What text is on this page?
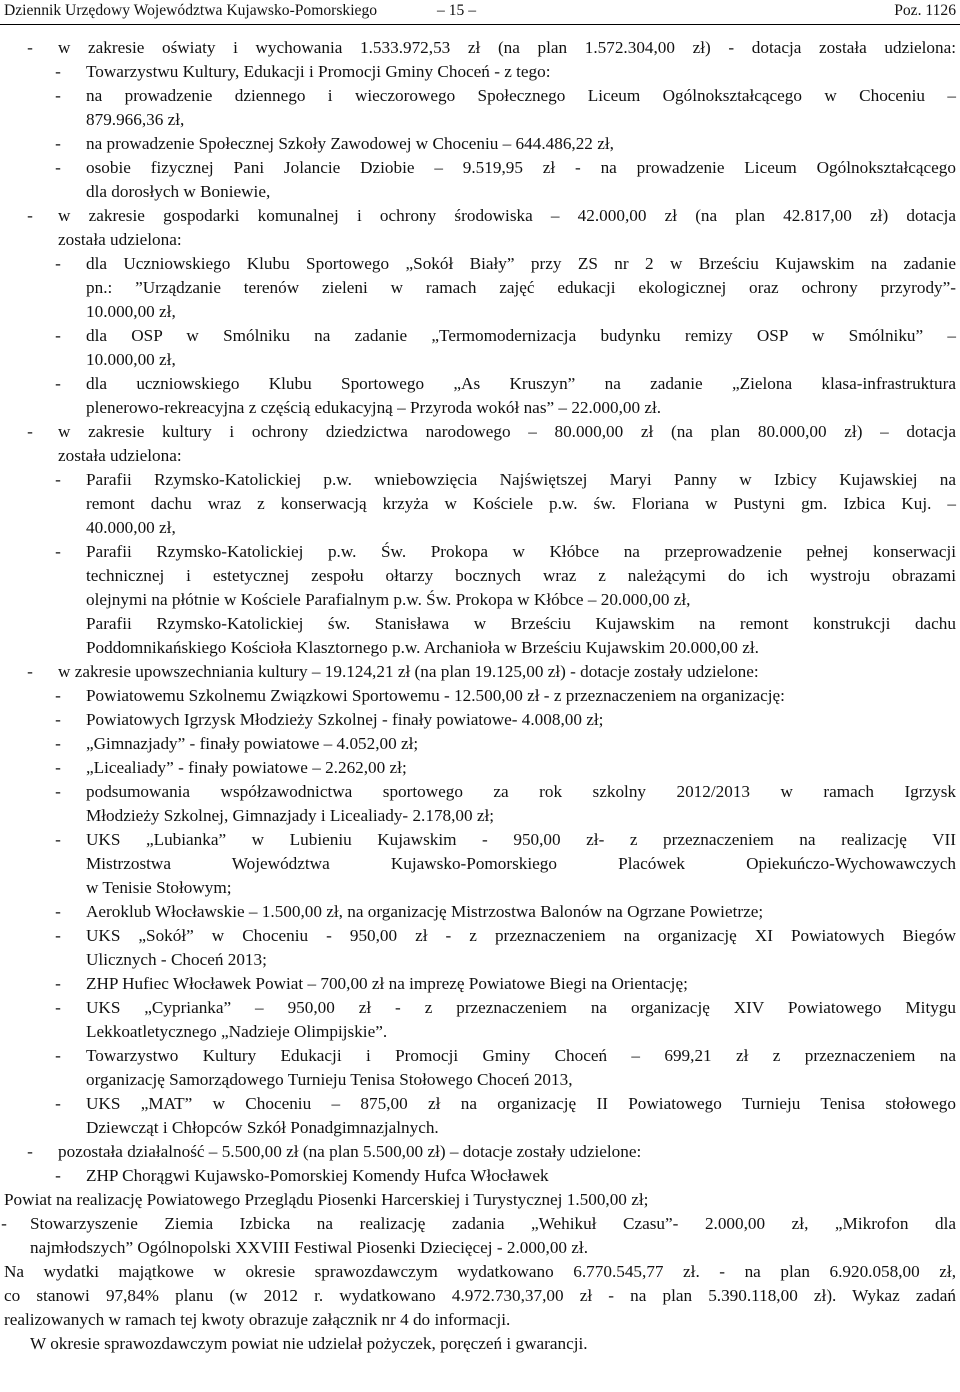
Dziennik Urzędowy Województwa Kujawsko-Pomorskiego	– 15 –	Poz. 1126
-	w zakresie oświaty i wychowania 1.533.972,53 zł (na plan 1.572.304,00 zł) - dotacja została udzielona:
-	Towarzystwu Kultury, Edukacji i Promocji Gminy Choceń - z tego:
-	na prowadzenie dziennego i wieczorowego Społecznego Liceum Ogólnokształcącego w Choceniu –
879.966,36 zł,
-	na prowadzenie Społecznej Szkoły Zawodowej w Choceniu – 644.486,22 zł,
-	osobie fizycznej Pani Jolancie Dziobie – 9.519,95 zł - na prowadzenie Liceum Ogólnokształcącego
dla dorosłych w Boniewie,
-	w zakresie gospodarki komunalnej i ochrony środowiska – 42.000,00 zł (na plan 42.817,00 zł) dotacja
została udzielona:
-	dla Uczniowskiego Klubu Sportowego „Sokół Biały” przy ZS nr 2 w Brześciu Kujawskim na zadanie
pn.: ”Urządzanie terenów zieleni w ramach zajęć edukacji ekologicznej oraz ochrony przyrody”-
10.000,00 zł,
-	dla OSP w Smólniku na zadanie „Termomodernizacja budynku remizy OSP w Smólniku” –
10.000,00 zł,
-	dla uczniowskiego Klubu Sportowego „As Kruszyn” na zadanie „Zielona klasa-infrastruktura
plenerowo-rekreacyjna z częścią edukacyjną – Przyroda wokół nas” – 22.000,00 zł.
-	w zakresie kultury i ochrony dziedzictwa narodowego – 80.000,00 zł (na plan 80.000,00 zł) – dotacja
została udzielona:
-	Parafii Rzymsko-Katolickiej p.w. wniebowzięcia Najświętszej Maryi Panny w Izbicy Kujawskiej na
remont dachu wraz z konserwacją krzyża w Kościele p.w. św. Floriana w Pustyni gm. Izbica Kuj. –
40.000,00 zł,
-	Parafii Rzymsko-Katolickiej p.w. Św. Prokopa w Kłóbce na przeprowadzenie pełnej konserwacji
technicznej i estetycznej zespołu ołtarzy bocznych wraz z należącymi do ich wystroju obrazami
olejnymi na płótnie w Kościele Parafialnym p.w. Św. Prokopa w Kłóbce – 20.000,00 zł,
Parafii Rzymsko-Katolickiej św. Stanisława w Brześciu Kujawskim na remont konstrukcji dachu
Poddomnikańskiego Kościoła Klasztornego p.w. Archanioła w Brześciu Kujawskim 20.000,00 zł.
-	w zakresie upowszechniania kultury – 19.124,21 zł (na plan 19.125,00 zł) - dotacje zostały udzielone:
-	Powiatowemu Szkolnemu Związkowi Sportowemu - 12.500,00 zł - z przeznaczeniem na organizację:
-	Powiatowych Igrzysk Młodzieży Szkolnej - finały powiatowe- 4.008,00 zł;
-	„Gimnazjady” - finały powiatowe – 4.052,00 zł;
-	„Licealiady” - finały powiatowe – 2.262,00 zł;
-	podsumowania współzawodnictwa sportowego za rok szkolny 2012/2013 w ramach Igrzysk
Młodzieży Szkolnej, Gimnazjady i Licealiady- 2.178,00 zł;
-	UKS „Lubianka” w Lubieniu Kujawskim - 950,00 zł- z przeznaczeniem na realizację VII
Mistrzostwa Województwa Kujawsko-Pomorskiego Placówek Opiekuńczo-Wychowawczych
w Tenisie Stołowym;
-	Aeroklub Włocławskie – 1.500,00 zł, na organizację Mistrzostwa Balonów na Ogrzane Powietrze;
-	UKS „Sokół” w Choceniu - 950,00 zł - z przeznaczeniem na organizację XI Powiatowych Biegów
Ulicznych - Choceń 2013;
-	ZHP Hufiec Włocławek Powiat – 700,00 zł na imprezę Powiatowe Biegi na Orientację;
-	UKS „Cyprianka” – 950,00 zł - z przeznaczeniem na organizację XIV Powiatowego Mitygu
Lekkoatletycznego „Nadzieje Olimpijskie”.
-	Towarzystwo Kultury Edukacji i Promocji Gminy Choceń – 699,21 zł z przeznaczeniem na
organizację Samorządowego Turnieju Tenisa Stołowego Choceń 2013,
-	UKS „MAT” w Choceniu – 875,00 zł na organizację II Powiatowego Turnieju Tenisa stołowego
Dziewcząt i Chłopców Szkół Ponadgimnazjalnych.
-	pozostała działalność – 5.500,00 zł (na plan 5.500,00 zł) – dotacje zostały udzielone:
-	ZHP Chorągwi Kujawsko-Pomorskiej Komendy Hufca Włocławek
Powiat na realizację Powiatowego Przeglądu Piosenki Harcerskiej i Turystycznej 1.500,00 zł;
-	Stowarzyszenie Ziemia Izbicka na realizację zadania „Wehikuł Czasu”- 2.000,00 zł, „Mikrofon dla
najmłodszych” Ogólnopolski XXVIII Festiwal Piosenki Dziecięcej - 2.000,00 zł.
Na wydatki majątkowe w okresie sprawozdawczym wydatkowano 6.770.545,77 zł. - na plan 6.920.058,00 zł,
co stanowi 97,84% planu (w 2012 r. wydatkowano 4.972.730,37,00 zł - na plan 5.390.118,00 zł). Wykaz zadań
realizowanych w ramach tej kwoty obrazuje załącznik nr 4 do informacji.
W okresie sprawozdawczym powiat nie udzielał pożyczek, poręczeń i gwarancji.
